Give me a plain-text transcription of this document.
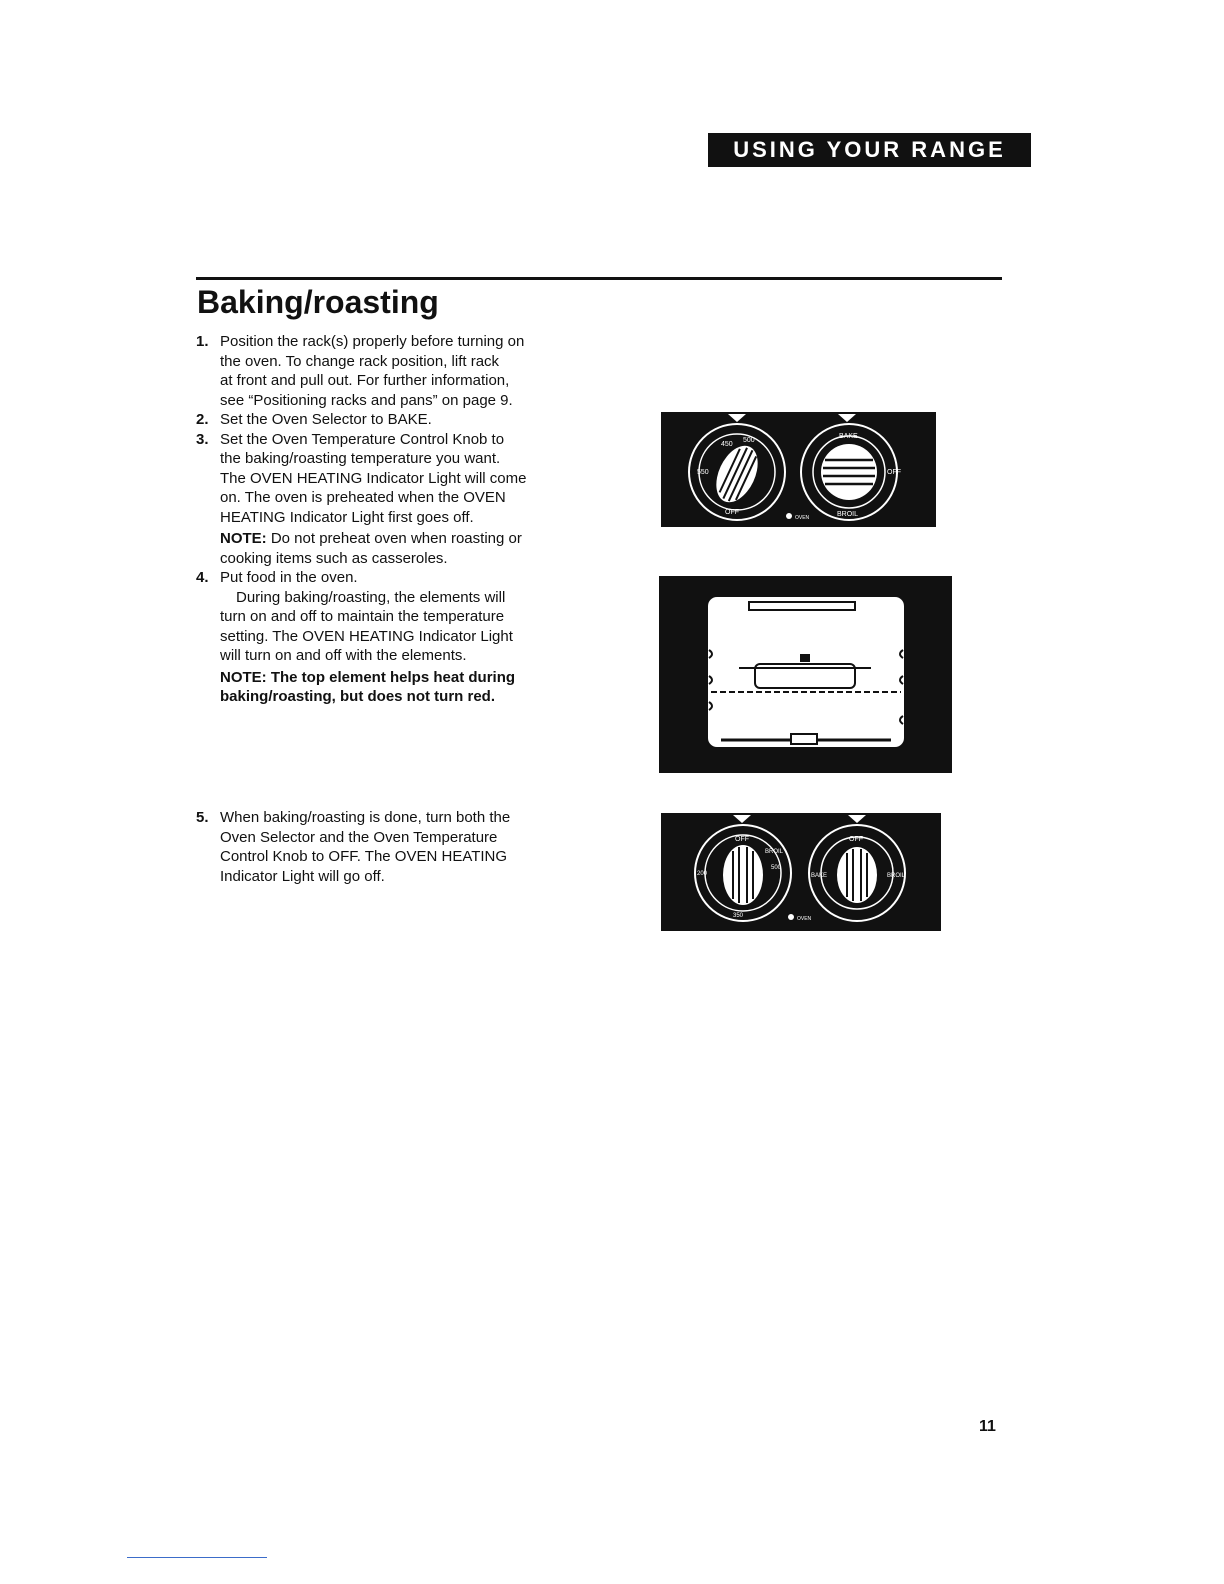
USING YOUR RANGE
Baking/roasting
1. Position the rack(s) properly before turning on

the oven. To change rack position, lift rack

at front and pull out. For further information,

see “Positioning racks and pans” on page 9.

2. Set the Oven Selector to BAKE.

3. Set the Oven Temperature Control Knob to

the baking/roasting temperature you want.

The OVEN HEATING Indicator Light will come

on. The oven is preheated when the OVEN

HEATING Indicator Light first goes off.

NOTE: Do not preheat oven when roasting or

cooking items such as casseroles.

4. Put food in the oven.

During baking/roasting, the elements will

turn on and off to maintain the temperature

setting. The OVEN HEATING Indicator Light

will turn on and off with the elements.

NOTE: The top element helps heat during

baking/roasting, but does not turn red.

5. When baking/roasting is done, turn both the

Oven Selector and the Oven Temperature

Control Knob to OFF. The OVEN HEATING

Indicator Light will go off.

450
500
550
OFF
BAKE
OFF
BROIL
OVEN
OFF
BROIL
500
200
350
OFF
BAKE	BROIL
OVEN
11
